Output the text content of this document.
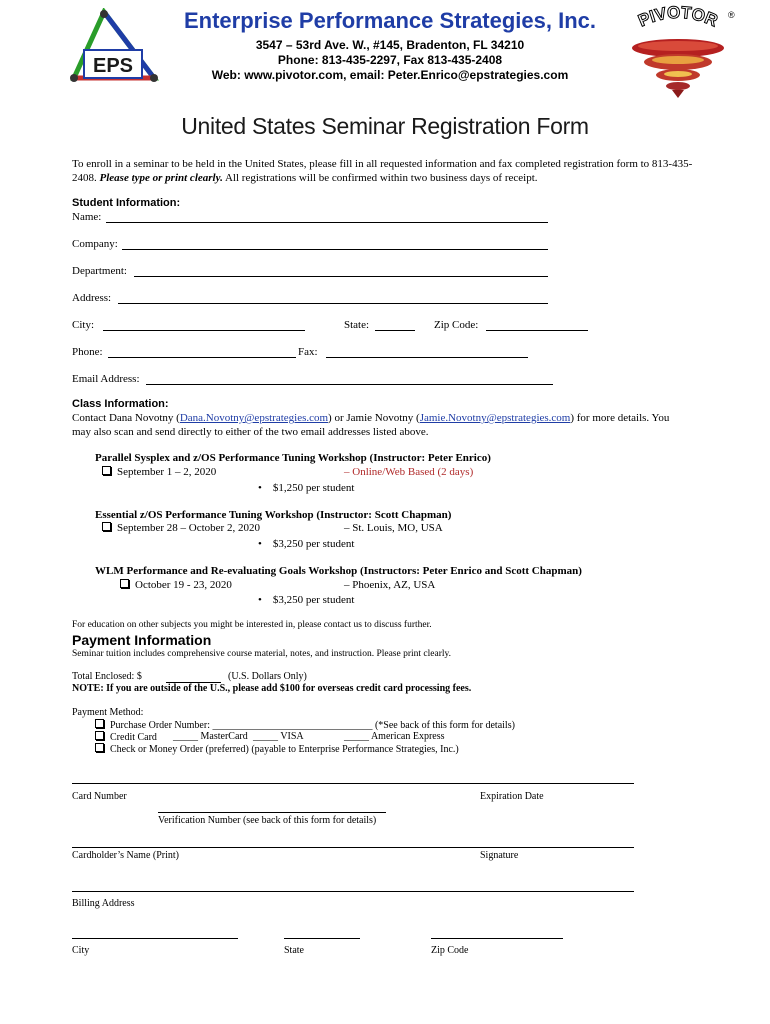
EPS
Enterprise Performance Strategies, Inc.
3547 – 53rd Ave. W., #145, Bradenton, FL 34210
Phone: 813-435-2297, Fax 813-435-2408
Web: www.pivotor.com, email: Peter.Enrico@epstrategies.com
PIVOTOR ®
United States Seminar Registration Form
To enroll in a seminar to be held in the United States, please fill in all requested information and fax completed registration form to 813-435-2408. Please type or print clearly. All registrations will be confirmed within two business days of receipt.
Student Information:
Name:
Company:
Department:
Address:
City:	State:	Zip Code:
Phone:	Fax:
Email Address:
Class Information:
Contact Dana Novotny (Dana.Novotny@epstrategies.com) or Jamie Novotny (Jamie.Novotny@epstrategies.com) for more details. You
may also scan and send directly to either of the two email addresses listed above.
Parallel Sysplex and z/OS Performance Tuning Workshop (Instructor: Peter Enrico)
September 1 – 2, 2020	– Online/Web Based (2 days)
• $1,250 per student
Essential z/OS Performance Tuning Workshop (Instructor: Scott Chapman)
September 28 – October 2, 2020	– St. Louis, MO, USA
• $3,250 per student
WLM Performance and Re-evaluating Goals Workshop (Instructors: Peter Enrico and Scott Chapman)
October 19 - 23, 2020	– Phoenix, AZ, USA
• $3,250 per student
For education on other subjects you might be interested in, please contact us to discuss further.
Payment Information
Seminar tuition includes comprehensive course material, notes, and instruction. Please print clearly.
Total Enclosed: $	(U.S. Dollars Only)
NOTE: If you are outside of the U.S., please add $100 for overseas credit card processing fees.
Payment Method:
Purchase Order Number: ________________________________ (*See back of this form for details)
Credit Card _____ MasterCard _____ VISA	_____ American Express
Check or Money Order (preferred) (payable to Enterprise Performance Strategies, Inc.)
Card Number	Expiration Date
Verification Number (see back of this form for details)
Cardholder’s Name (Print)	Signature
Billing Address
City	State	Zip Code
